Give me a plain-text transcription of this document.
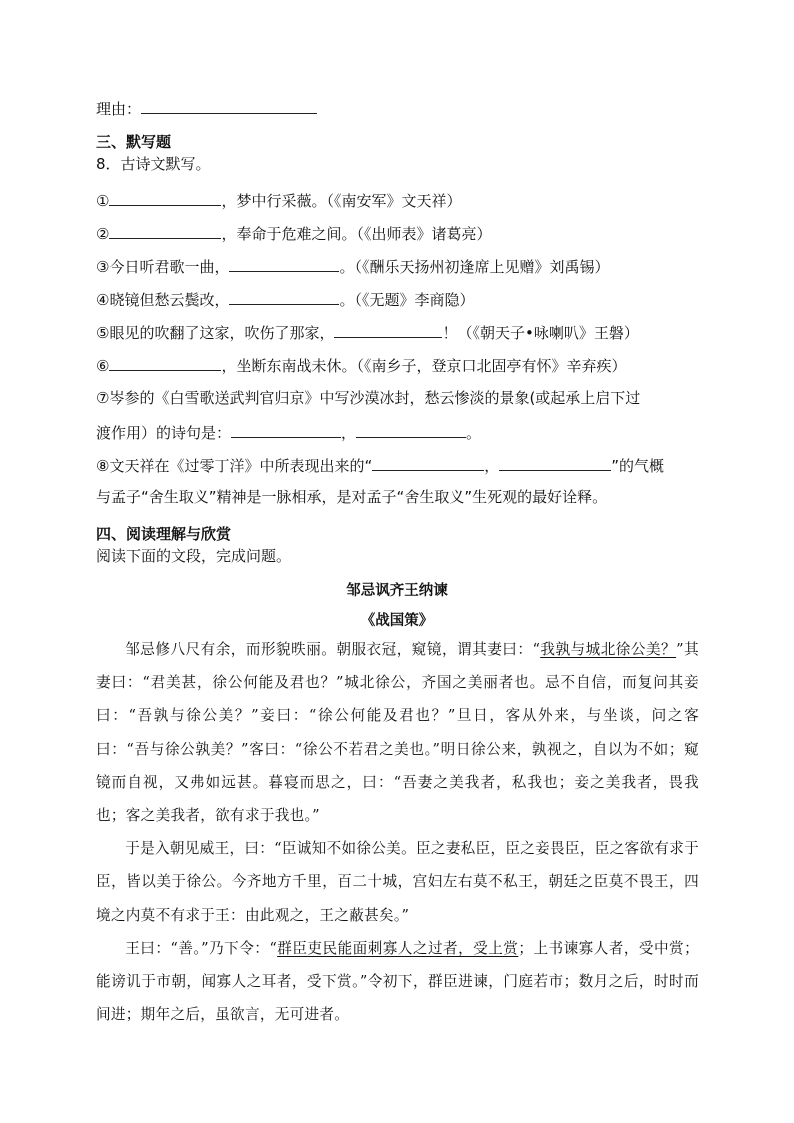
理由：
三、默写题
8．古诗文默写。
①	，梦中行采薇。（《南安军》文天祥）
②	，奉命于危难之间。（《出师表》诸葛亮）
③今日听君歌一曲，	。（《酬乐天扬州初逢席上见赠》刘禹锡）
④晓镜但愁云鬓改，	。（《无题》李商隐）
⑤眼见的吹翻了这家，吹伤了那家，	！（《朝天子•咏喇叭》王磐）
⑥	，坐断东南战未休。（《南乡子，登京口北固亭有怀》辛弃疾）
⑦岑参的《白雪歌送武判官归京》中写沙漠冰封，愁云惨淡的景象(或起承上启下过
渡作用）的诗句是：	，	。
⑧文天祥在《过零丁洋》中所表现出来的“	，	”的气概
与孟子“舍生取义”精神是一脉相承，是对孟子“舍生取义”生死观的最好诠释。
四、阅读理解与欣赏
阅读下面的文段，完成问题。
邹忌讽齐王纳谏
《战国策》

邹忌修八尺有余，而形貌昳丽。朝服衣冠，窥镜，谓其妻曰：“我孰与城北徐公美？”其妻曰：“君美甚，徐公何能及君也？”城北徐公，齐国之美丽者也。忌不自信，而复问其妾曰：“吾孰与徐公美？”妾曰：“徐公何能及君也？”旦日，客从外来，与坐谈，问之客曰：“吾与徐公孰美？”客曰：“徐公不若君之美也。”明日徐公来，孰视之，自以为不如；窥镜而自视，又弗如远甚。暮寝而思之，曰：“吾妻之美我者，私我也；妾之美我者，畏我也；客之美我者，欲有求于我也。”

于是入朝见威王，曰：“臣诚知不如徐公美。臣之妻私臣，臣之妾畏臣，臣之客欲有求于臣，皆以美于徐公。今齐地方千里，百二十城，宫妇左右莫不私王，朝廷之臣莫不畏王，四境之内莫不有求于王：由此观之，王之蔽甚矣。”

王曰：“善。”乃下令：“群臣吏民能面刺寡人之过者，受上赏；上书谏寡人者，受中赏；能谤讥于市朝，闻寡人之耳者，受下赏。”令初下，群臣进谏，门庭若市；数月之后，时时而间进；期年之后，虽欲言，无可进者。
